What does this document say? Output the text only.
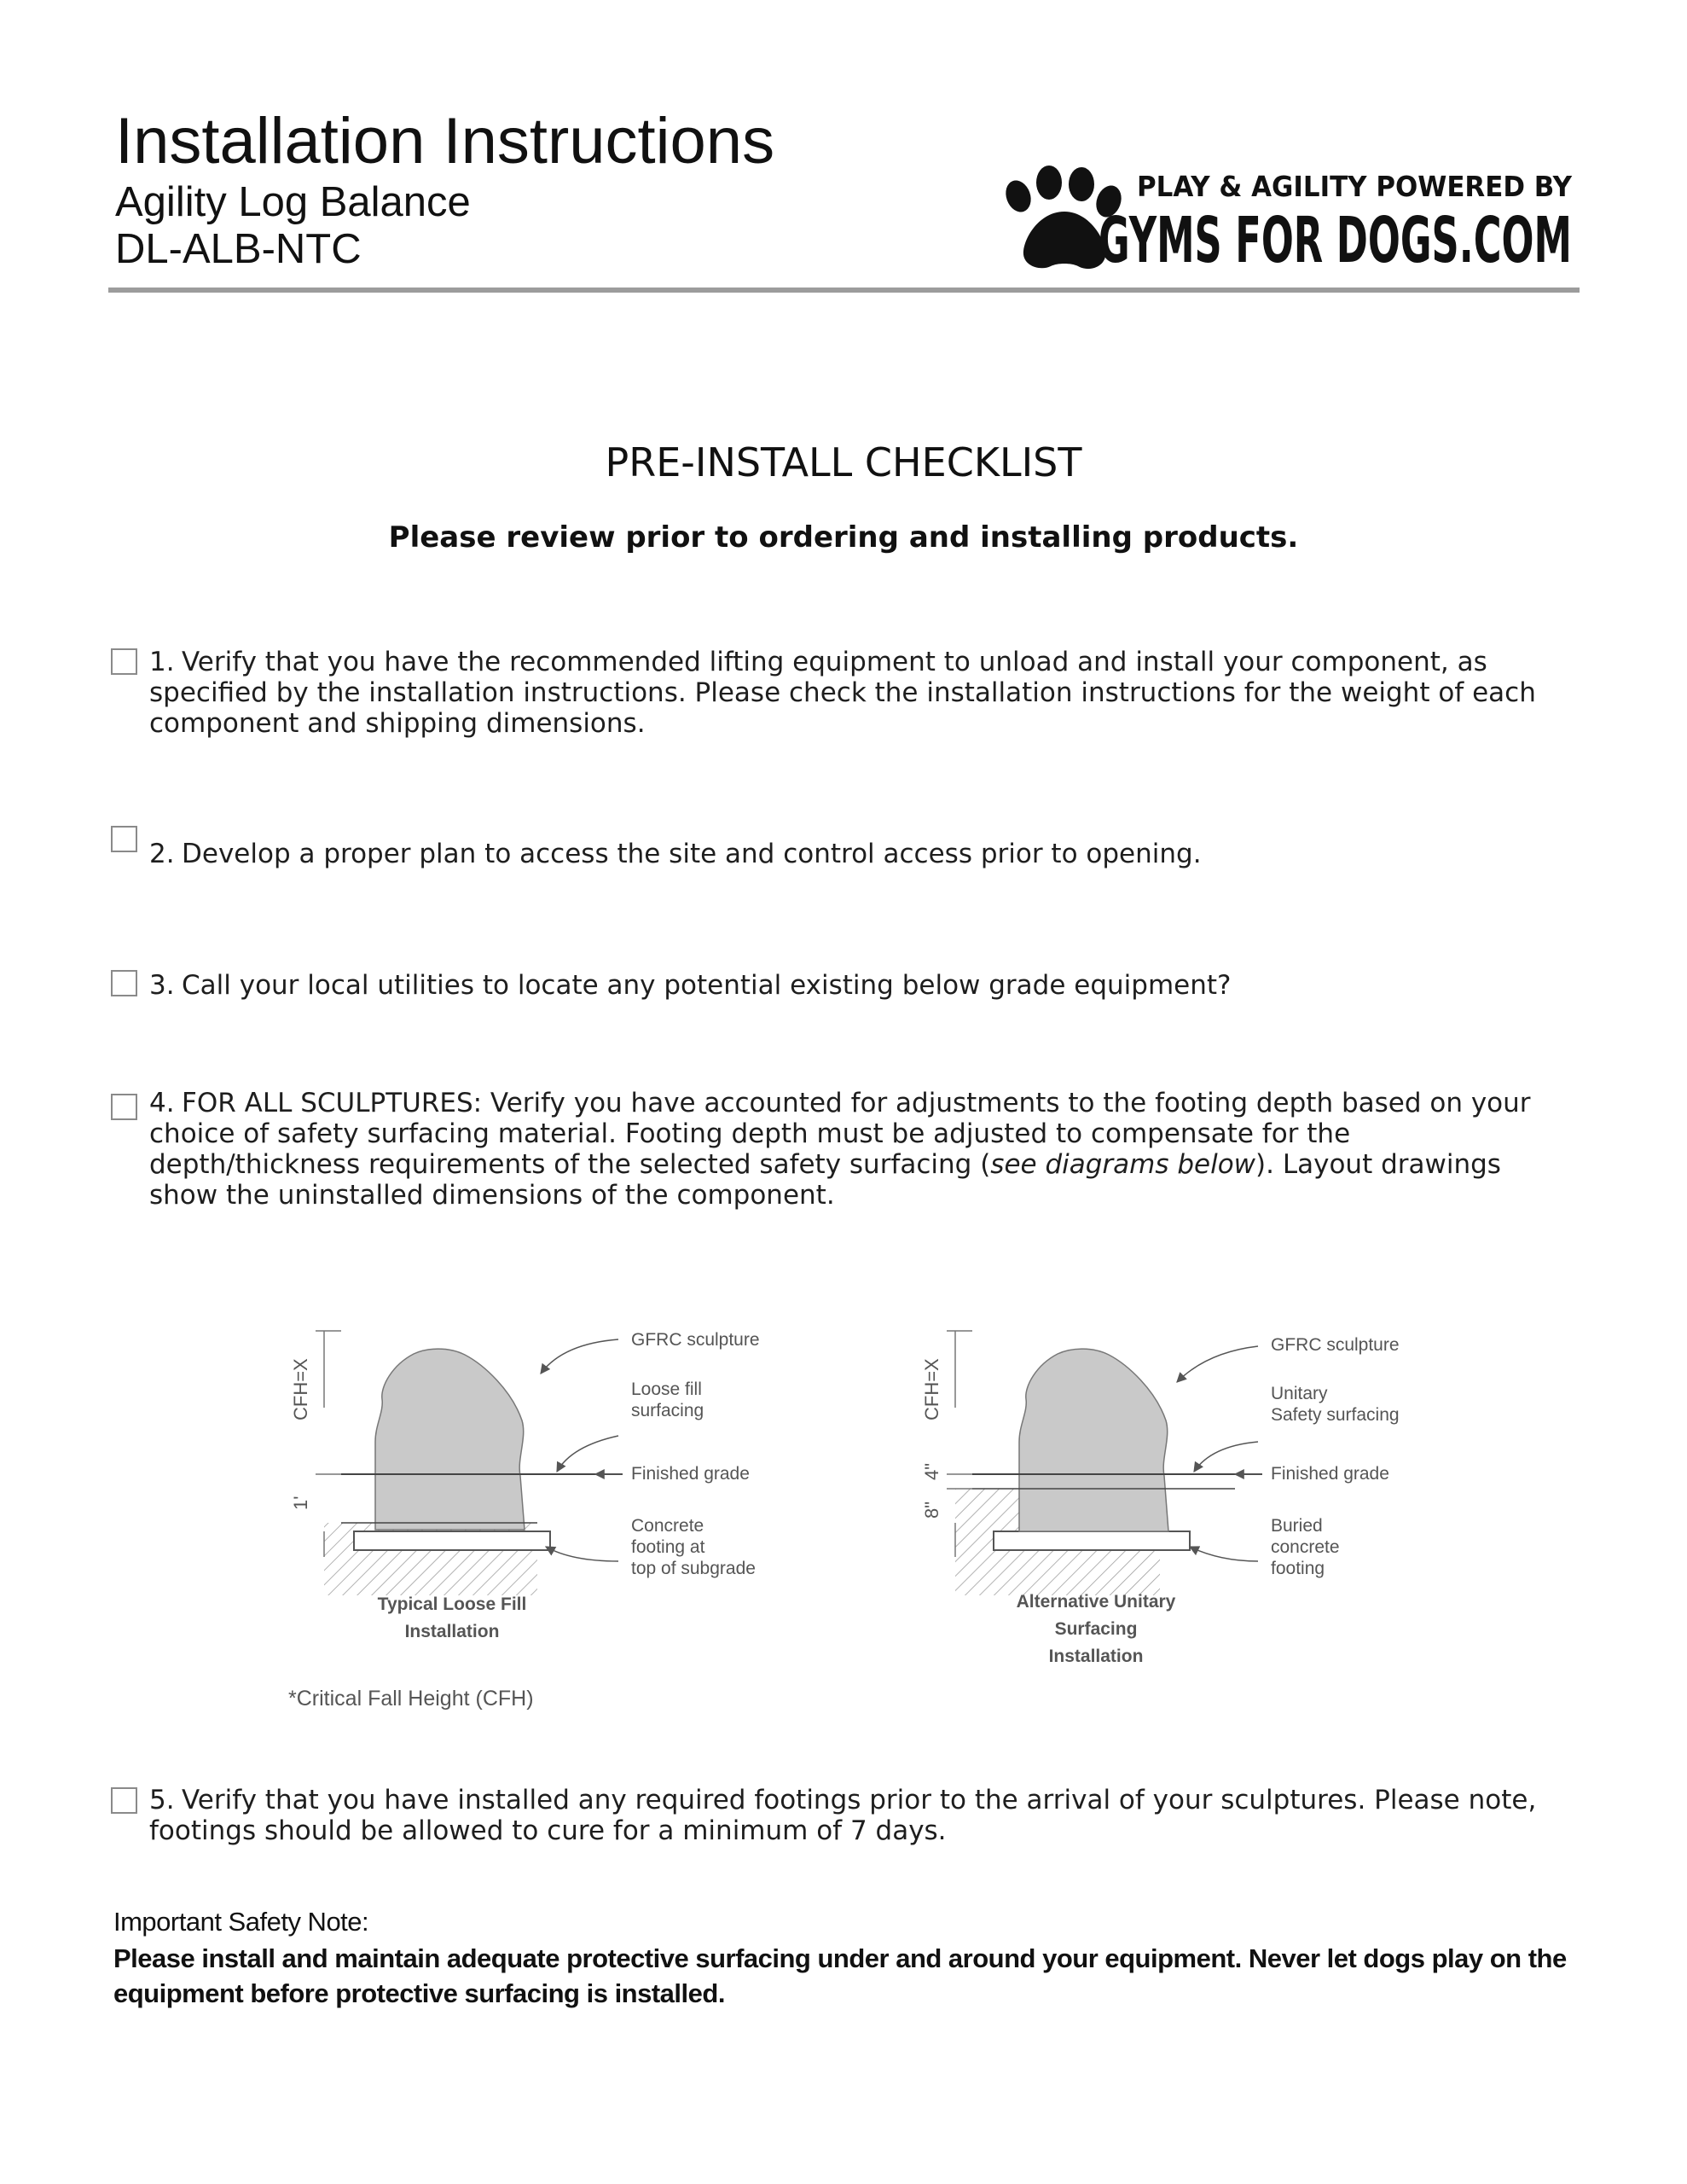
Installation Instructions
Agility Log Balance
DL-ALB-NTC
PLAY & AGILITY POWERED BY
GYMS FOR DOGS.COM
PRE-INSTALL CHECKLIST
Please review prior to ordering and installing products.
1. Verify that you have the recommended lifting equipment to unload and install your component, as specified by the installation instructions. Please check the installation instructions for the weight of each component and shipping dimensions.
2. Develop a proper plan to access the site and control access prior to opening.
3. Call your local utilities to locate any potential existing below grade equipment?
4. FOR ALL SCULPTURES: Verify you have accounted for adjustments to the footing depth based on your choice of safety surfacing material. Footing depth must be adjusted to compensate for the depth/thickness requirements of the selected safety surfacing (see diagrams below). Layout drawings show the uninstalled dimensions of the component.
CFH=X
1'
GFRC sculpture
Loose fill
surfacing
Finished grade
Concrete
footing at
top of subgrade
Typical Loose Fill
Installation
CFH=X
4"
8"
GFRC sculpture
Unitary
Safety surfacing
Finished grade
Buried
concrete
footing
Alternative Unitary
Surfacing
Installation
*Critical Fall Height (CFH)
5. Verify that you have installed any required footings prior to the arrival of your sculptures. Please note, footings should be allowed to cure for a minimum of 7 days.
Important Safety Note:
Please install and maintain adequate protective surfacing under and around your equipment. Never let dogs play on the equipment before protective surfacing is installed.
